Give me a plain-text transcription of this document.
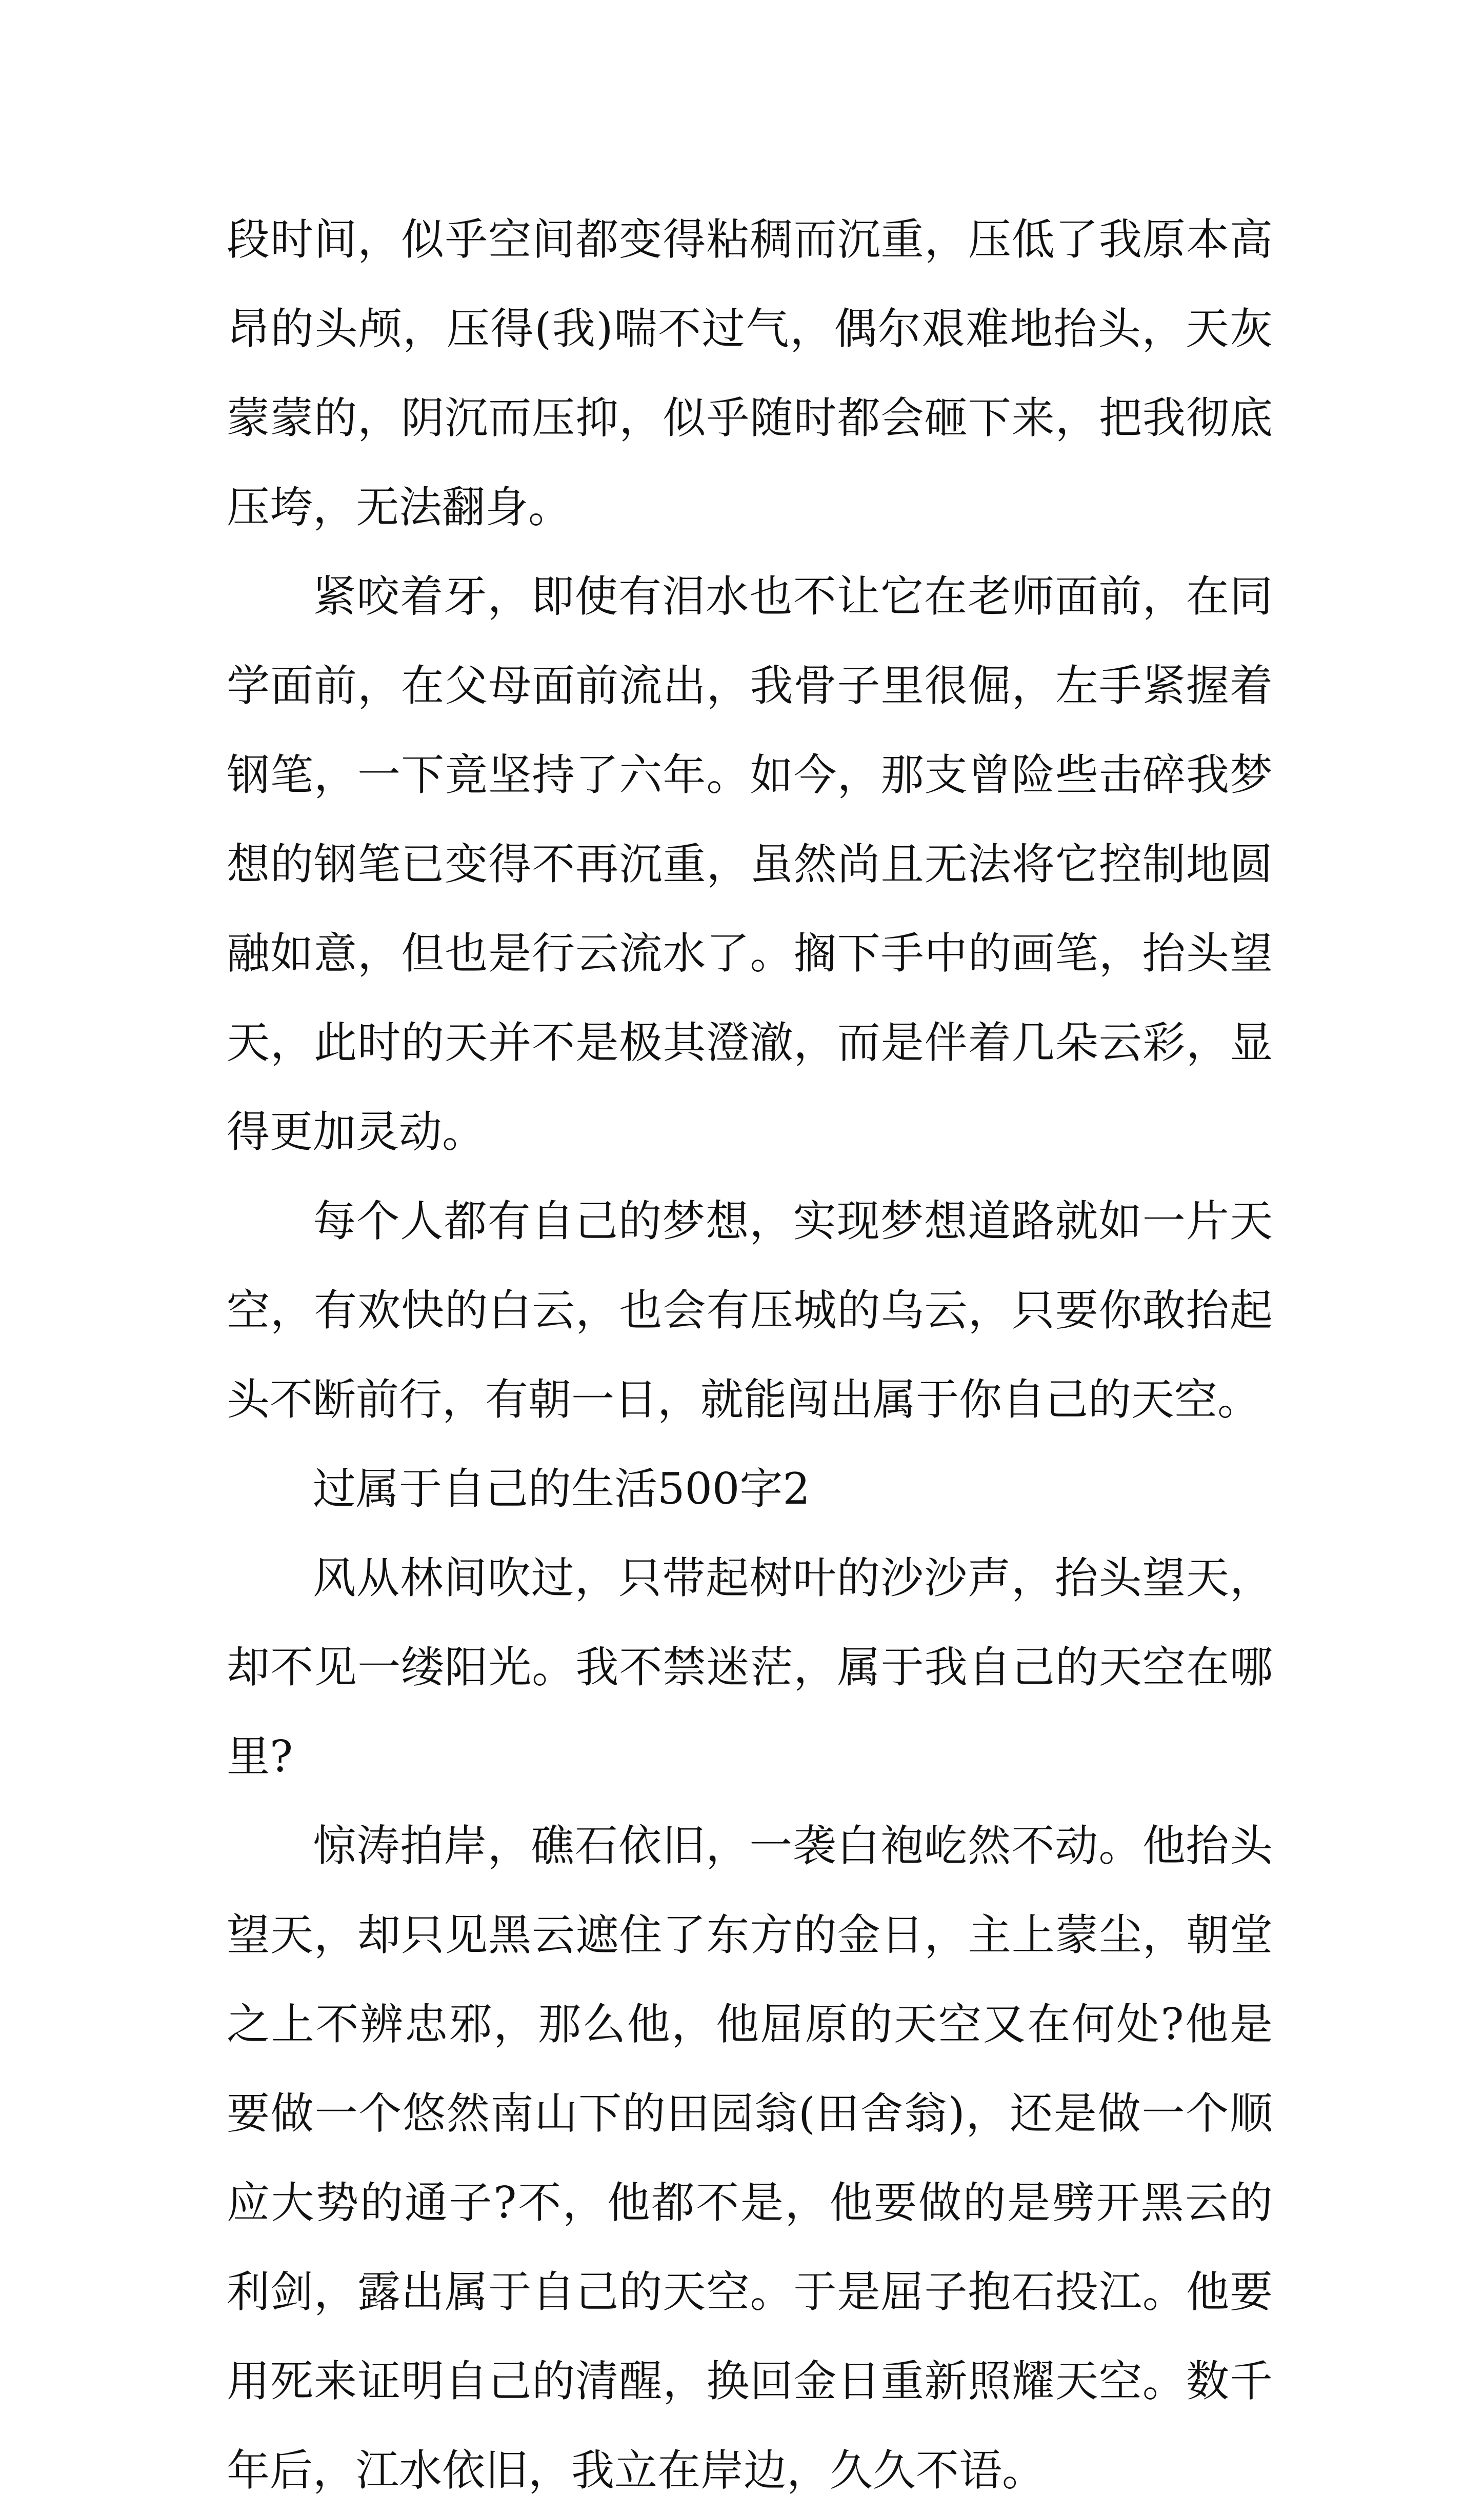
段时间，似乎空间都变得粘稠而沉重，压低了我原本高昂的头颅，压得(我)喘不过气，偶尔艰难地抬头，天灰蒙蒙的，阴沉而压抑，似乎随时都会砸下来，把我彻底压垮，无法翻身。

紧咬着牙，即使有泪水也不让它在老师面前，在同学面前，在父母面前流出，我骨子里很倔，左手紧握着钢笔，一下竟坚持了六年。如今，那支曾险些击碎我梦想的钢笔已变得不再沉重，虽然尚且无法将它控制地圆融如意，但也是行云流水了。搁下手中的画笔，抬头望天，此时的天并不是极其澄澈，而是伴着几朵云彩，显得更加灵动。

每个人都有自己的梦想，实现梦想道路就如一片天空，有欢快的白云，也会有压城的乌云，只要你敢抬起头不断前行，有朝一日，就能闯出属于你自己的天空。

过属于自己的生活500字2

风从林间吹过，只带起树叶的沙沙声，抬头望天，却不见一缕阳光。我不禁迷茫，属于我自己的天空在哪里?

惊涛拍岸，礁石依旧，一袭白袍屹然不动。他抬头望天，却只见黑云遮住了东方的金日，主上蒙尘，朝堂之上不辨忠邪，那么他，他屈原的天空又在何处?他是要做一个悠然南山下的田园翁(田舍翁)，还是做一个顺应大势的通子?不，他都不是，他要做的是劈开黑云的利剑，露出属于自己的天空。于是屈子抱石投江。他要用死来证明自己的清醒，换回金日重新照耀天空。数千年后，江水依旧，我立在岸边，久久不语。
